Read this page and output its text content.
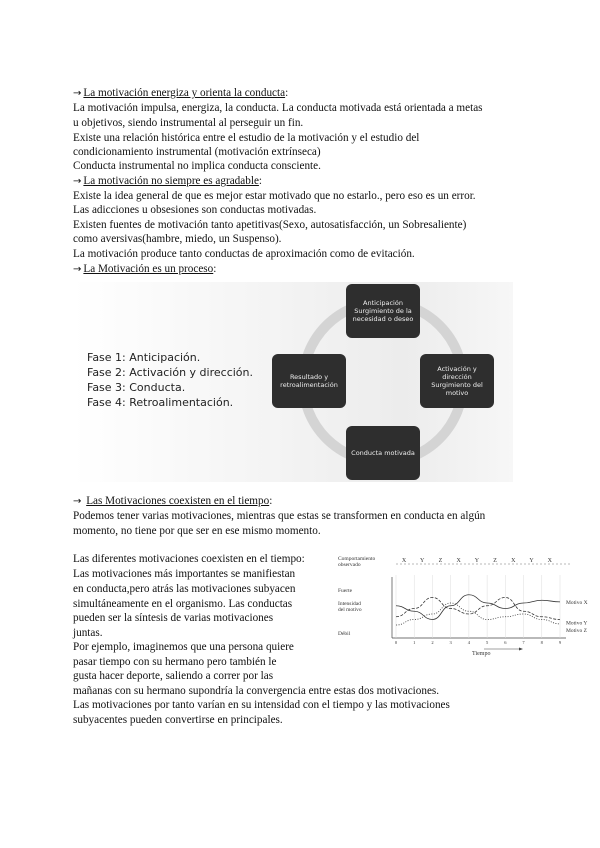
→ La motivación energiza y orienta la conducta:
La motivación impulsa, energiza, la conducta. La conducta motivada está orientada a metas
u objetivos, siendo instrumental al perseguir un fin.
Existe una relación histórica entre el estudio de la motivación y el estudio del
condicionamiento instrumental (motivación extrínseca)
Conducta instrumental no implica conducta consciente.
→ La motivación no siempre es agradable:
Existe la idea general de que es mejor estar motivado que no estarlo., pero eso es un error.
Las adicciones u obsesiones son conductas motivadas.
Existen fuentes de motivación tanto apetitivas(Sexo, autosatisfacción, un Sobresaliente)
como aversivas(hambre, miedo, un Suspenso).
La motivación produce tanto conductas de aproximación como de evitación.
→ La Motivación es un proceso:
Fase 1: Anticipación.
Fase 2: Activación y dirección.
Fase 3: Conducta.
Fase 4: Retroalimentación.
Anticipación
Surgimiento de la
necesidad o deseo
Activación y
dirección
Surgimiento del
motivo
Conducta motivada
Resultado y
retroalimentación
→ Las Motivaciones coexisten en el tiempo:
Podemos tener varias motivaciones, mientras que estas se transformen en conducta en algún
momento, no tiene por que ser en ese mismo momento.
Las diferentes motivaciones coexisten en el tiempo:
Las motivaciones más importantes se manifiestan
en conducta,pero atrás las motivaciones subyacen
simultáneamente en el organismo. Las conductas
pueden ser la síntesis de varias motivaciones
juntas.
Por ejemplo, imaginemos que una persona quiere
pasar tiempo con su hermano pero también le
gusta hacer deporte, saliendo a correr por las
mañanas con su hermano supondría la convergencia entre estas dos motivaciones.
Las motivaciones por tanto varían en su intensidad con el tiempo y las motivaciones
subyacentes pueden convertirse en principales.
Comportamiento observado
Fuerte
Intensidad del motivo
Débil
Tiempo
X Y Z X Y Z X Y X
0	1	2	3	4	5	6	7	8	9
Motivo X
Motivo Y
Motivo Z
